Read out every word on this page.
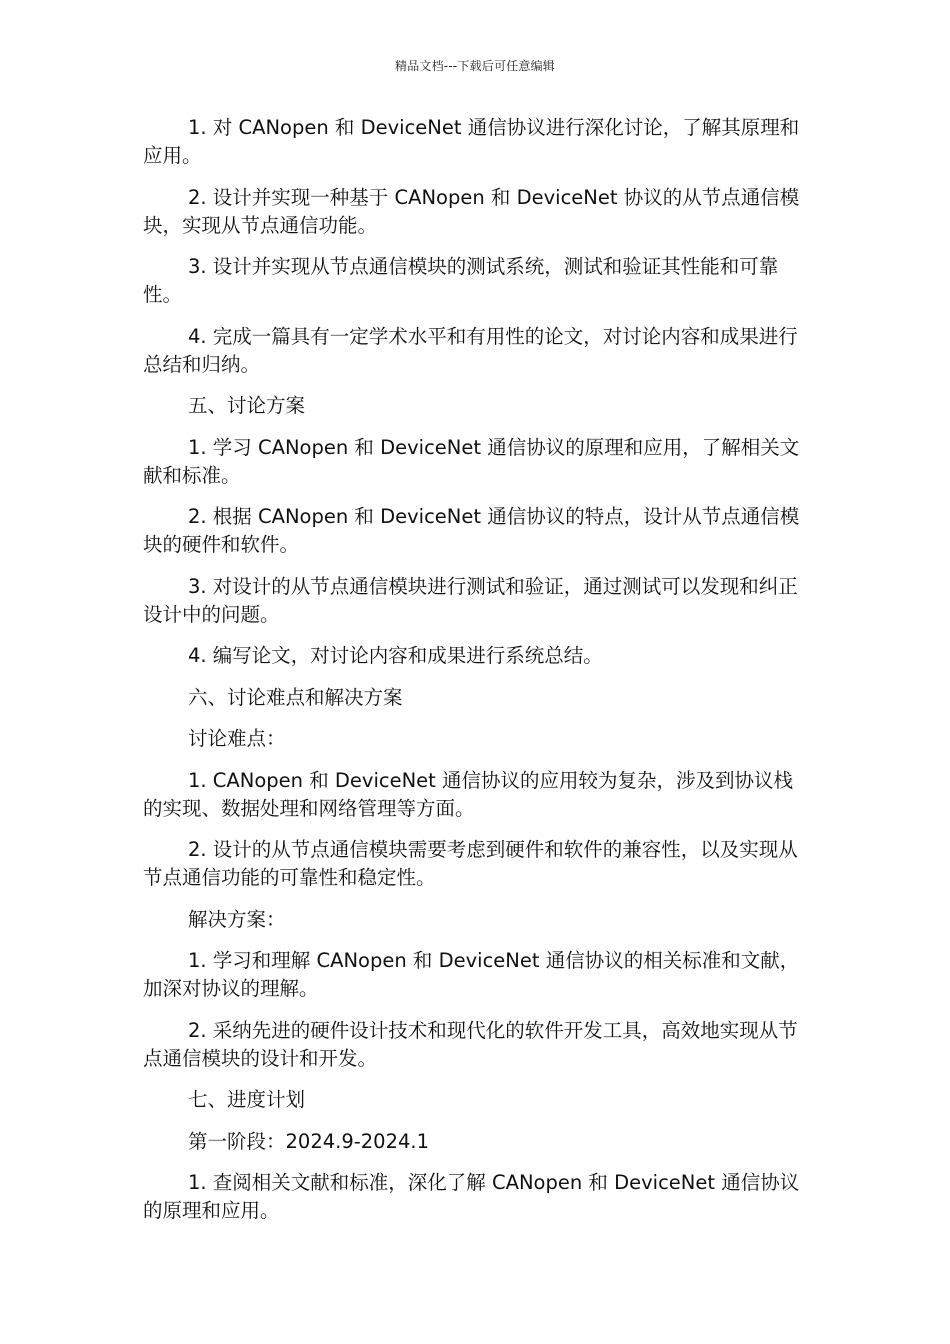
精品文档---下载后可任意编辑

1. 对 CANopen 和 DeviceNet 通信协议进行深化讨论，了解其原理和应用。

2. 设计并实现一种基于 CANopen 和 DeviceNet 协议的从节点通信模块，实现从节点通信功能。

3. 设计并实现从节点通信模块的测试系统，测试和验证其性能和可靠性。

4. 完成一篇具有一定学术水平和有用性的论文，对讨论内容和成果进行总结和归纳。

五、讨论方案

1. 学习 CANopen 和 DeviceNet 通信协议的原理和应用，了解相关文献和标准。

2. 根据 CANopen 和 DeviceNet 通信协议的特点，设计从节点通信模块的硬件和软件。

3. 对设计的从节点通信模块进行测试和验证，通过测试可以发现和纠正设计中的问题。

4. 编写论文，对讨论内容和成果进行系统总结。

六、讨论难点和解决方案

讨论难点：

1. CANopen 和 DeviceNet 通信协议的应用较为复杂，涉及到协议栈的实现、数据处理和网络管理等方面。

2. 设计的从节点通信模块需要考虑到硬件和软件的兼容性，以及实现从节点通信功能的可靠性和稳定性。

解决方案：

1. 学习和理解 CANopen 和 DeviceNet 通信协议的相关标准和文献，加深对协议的理解。

2. 采纳先进的硬件设计技术和现代化的软件开发工具，高效地实现从节点通信模块的设计和开发。

七、进度计划

第一阶段：2024.9-2024.1

1. 查阅相关文献和标准，深化了解 CANopen 和 DeviceNet 通信协议的原理和应用。
